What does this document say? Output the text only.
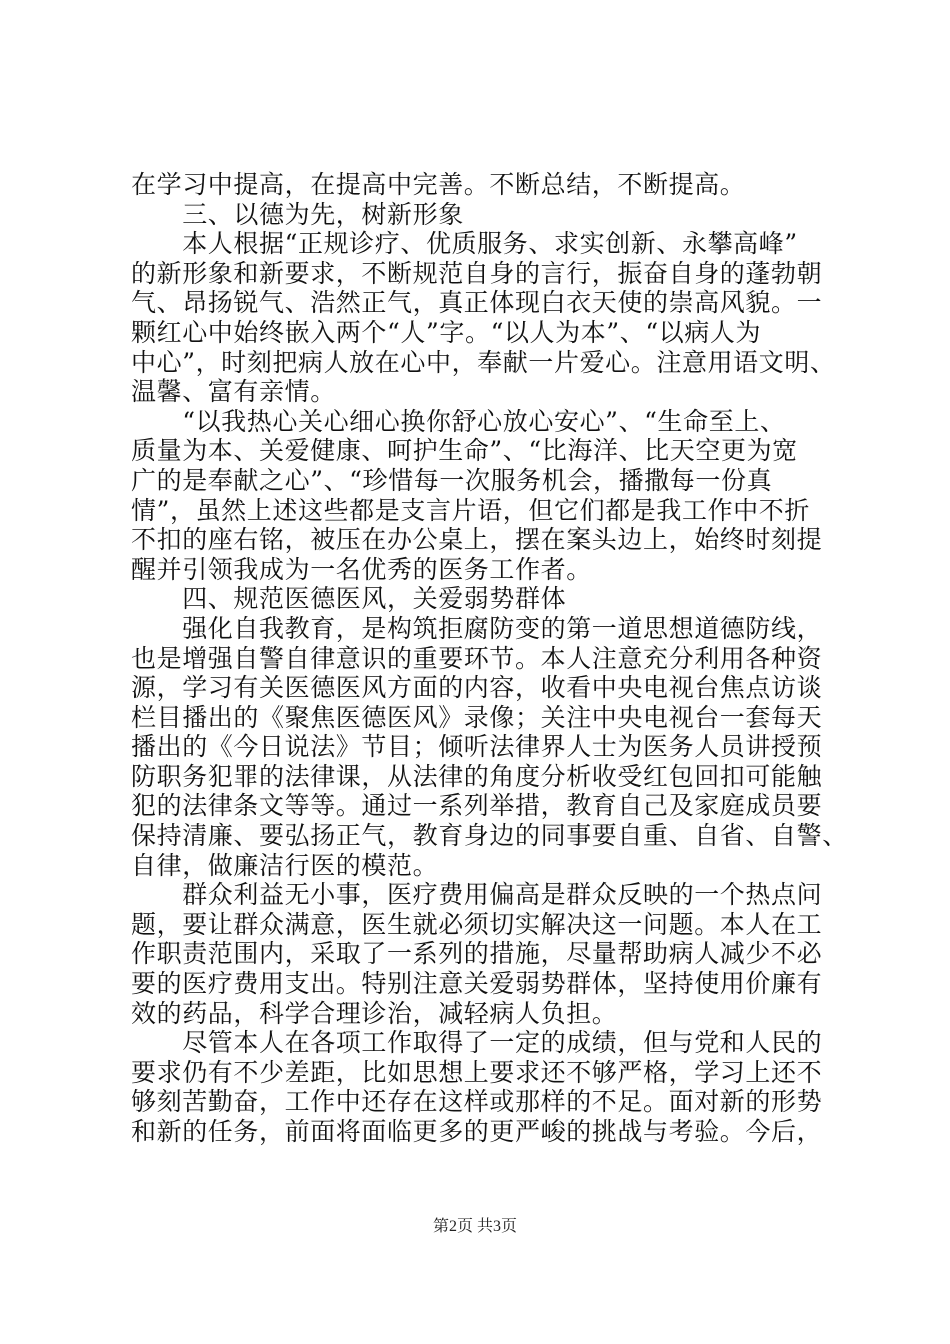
在学习中提高，在提高中完善。不断总结，不断提高。
　　三、以德为先，树新形象
　　本人根据“正规诊疗、优质服务、求实创新、永攀高峰”
的新形象和新要求，不断规范自身的言行，振奋自身的蓬勃朝
气、昂扬锐气、浩然正气，真正体现白衣天使的崇高风貌。一
颗红心中始终嵌入两个“人”字。“以人为本”、“以病人为
中心”，时刻把病人放在心中，奉献一片爱心。注意用语文明、
温馨、富有亲情。
　　“以我热心关心细心换你舒心放心安心”、“生命至上、
质量为本、关爱健康、呵护生命”、“比海洋、比天空更为宽
广的是奉献之心”、“珍惜每一次服务机会，播撒每一份真
情”，虽然上述这些都是支言片语，但它们都是我工作中不折
不扣的座右铭，被压在办公桌上，摆在案头边上，始终时刻提
醒并引领我成为一名优秀的医务工作者。
　　四、规范医德医风，关爱弱势群体
　　强化自我教育，是构筑拒腐防变的第一道思想道德防线，
也是增强自警自律意识的重要环节。本人注意充分利用各种资
源，学习有关医德医风方面的内容，收看中央电视台焦点访谈
栏目播出的《聚焦医德医风》录像；关注中央电视台一套每天
播出的《今日说法》节目；倾听法律界人士为医务人员讲授预
防职务犯罪的法律课，从法律的角度分析收受红包回扣可能触
犯的法律条文等等。通过一系列举措，教育自己及家庭成员要
保持清廉、要弘扬正气，教育身边的同事要自重、自省、自警、
自律，做廉洁行医的模范。
　　群众利益无小事，医疗费用偏高是群众反映的一个热点问
题，要让群众满意，医生就必须切实解决这一问题。本人在工
作职责范围内，采取了一系列的措施，尽量帮助病人减少不必
要的医疗费用支出。特别注意关爱弱势群体，坚持使用价廉有
效的药品，科学合理诊治，减轻病人负担。
　　尽管本人在各项工作取得了一定的成绩，但与党和人民的
要求仍有不少差距，比如思想上要求还不够严格，学习上还不
够刻苦勤奋，工作中还存在这样或那样的不足。面对新的形势
和新的任务，前面将面临更多的更严峻的挑战与考验。今后，
第2页 共3页
